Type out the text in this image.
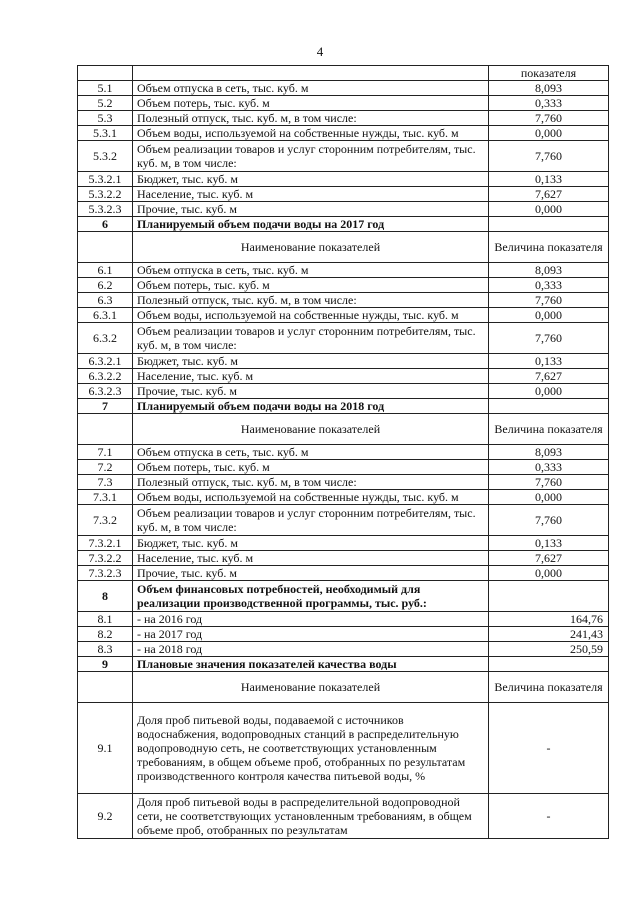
4
		показателя
5.1	Объем отпуска в сеть, тыс. куб. м	8,093
5.2	Объем потерь, тыс. куб. м	0,333
5.3	Полезный отпуск, тыс. куб. м, в том числе:	7,760
5.3.1	Объем воды, используемой на собственные нужды, тыс. куб. м	0,000
5.3.2	Объем реализации товаров и услуг сторонним потребителям, тыс. куб. м, в том числе:	7,760
5.3.2.1	Бюджет, тыс. куб. м	0,133
5.3.2.2	Население, тыс. куб. м	7,627
5.3.2.3	Прочие, тыс. куб. м	0,000
6	Планируемый объем подачи воды на 2017 год	
	Наименование показателей	Величина показателя
6.1	Объем отпуска в сеть, тыс. куб. м	8,093
6.2	Объем потерь, тыс. куб. м	0,333
6.3	Полезный отпуск, тыс. куб. м, в том числе:	7,760
6.3.1	Объем воды, используемой на собственные нужды, тыс. куб. м	0,000
6.3.2	Объем реализации товаров и услуг сторонним потребителям, тыс. куб. м, в том числе:	7,760
6.3.2.1	Бюджет, тыс. куб. м	0,133
6.3.2.2	Население, тыс. куб. м	7,627
6.3.2.3	Прочие, тыс. куб. м	0,000
7	Планируемый объем подачи воды на 2018 год	
	Наименование показателей	Величина показателя
7.1	Объем отпуска в сеть, тыс. куб. м	8,093
7.2	Объем потерь, тыс. куб. м	0,333
7.3	Полезный отпуск, тыс. куб. м, в том числе:	7,760
7.3.1	Объем воды, используемой на собственные нужды, тыс. куб. м	0,000
7.3.2	Объем реализации товаров и услуг сторонним потребителям, тыс. куб. м, в том числе:	7,760
7.3.2.1	Бюджет, тыс. куб. м	0,133
7.3.2.2	Население, тыс. куб. м	7,627
7.3.2.3	Прочие, тыс. куб. м	0,000
8	Объем финансовых потребностей, необходимый для реализации производственной программы, тыс. руб.:	
8.1	- на 2016 год	164,76
8.2	- на 2017 год	241,43
8.3	- на 2018 год	250,59
9	Плановые значения показателей качества воды	
	Наименование показателей	Величина показателя
9.1	Доля проб питьевой воды, подаваемой с источников водоснабжения, водопроводных станций в распределительную водопроводную сеть, не соответствующих установленным требованиям, в общем объеме проб, отобранных по результатам производственного контроля качества питьевой воды, %	-
9.2	Доля проб питьевой воды в распределительной водопроводной сети, не соответствующих установленным требованиям, в общем объеме проб, отобранных по результатам	-
